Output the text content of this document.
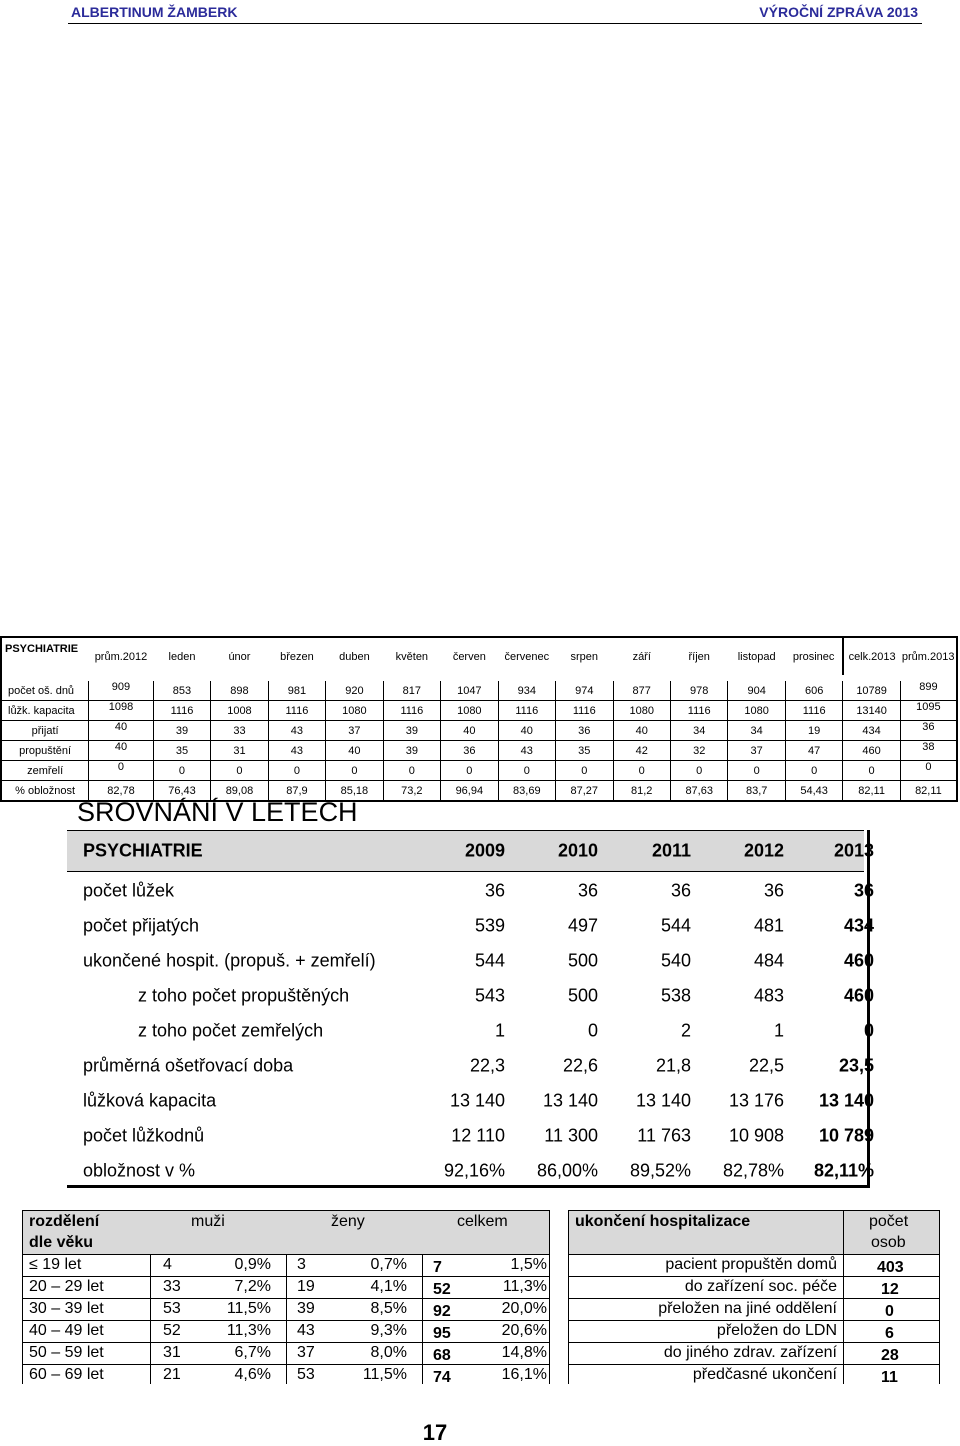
ALBERTINUM ŽAMBERK	VÝROČNÍ ZPRÁVA 2013
PSYCHIATRIE	prům.2012	leden	únor	březen	duben	květen	červen	červenec	srpen	září	říjen	listopad	prosinec	celk.2013	prům.2013

počet oš. dnů	909	853	898	981	920	817	1047	934	974	877	978	904	606	10789	899
lůžk. kapacita	1098	1116	1008	1116	1080	1116	1080	1116	1116	1080	1116	1080	1116	13140	1095
přijatí	40	39	33	43	37	39	40	40	36	40	34	34	19	434	36
propuštění	40	35	31	43	40	39	36	43	35	42	32	37	47	460	38
zemřelí	0	0	0	0	0	0	0	0	0	0	0	0	0	0	0
% obložnost	82,78	76,43	89,08	87,9	85,18	73,2	96,94	83,69	87,27	81,2	87,63	83,7	54,43	82,11	82,11
SROVNÁNÍ V LETECH
PSYCHIATRIE	2009	2010	2011	2012	2013
počet lůžek	36	36	36	36	36
počet přijatých	539	497	544	481	434
ukončené hospit. (propuš. + zemřelí)	544	500	540	484	460
z toho počet propuštěných	543	500	538	483	460
z toho počet zemřelých	1	0	2	1	0
průměrná ošetřovací doba	22,3	22,6	21,8	22,5	23,5
lůžková kapacita	13 140	13 140	13 140	13 176	13 140
počet lůžkodnů	12 110	11 300	11 763	10 908	10 789
obložnost v %	92,16%	86,00%	89,52%	82,78%	82,11%
rozdělení
dle věku
muži	ženy	celkem
≤ 19 let	4	0,9% 3	0,7% 7	1,5%
20 – 29 let	33	7,2% 19	4,1% 52	11,3%
30 – 39 let	53	11,5% 39	8,5% 92	20,0%
40 – 49 let	52	11,3% 43	9,3% 95	20,6%
50 – 59 let	31	6,7% 37	8,0% 68	14,8%
60 – 69 let	21	4,6% 53	11,5% 74	16,1%
ukončení hospitalizace	počet
osob
pacient propuštěn domů	403
do zařízení soc. péče	12
přeložen na jiné oddělení	0
přeložen do LDN	6
do jiného zdrav. zařízení	28
předčasné ukončení	11
17
